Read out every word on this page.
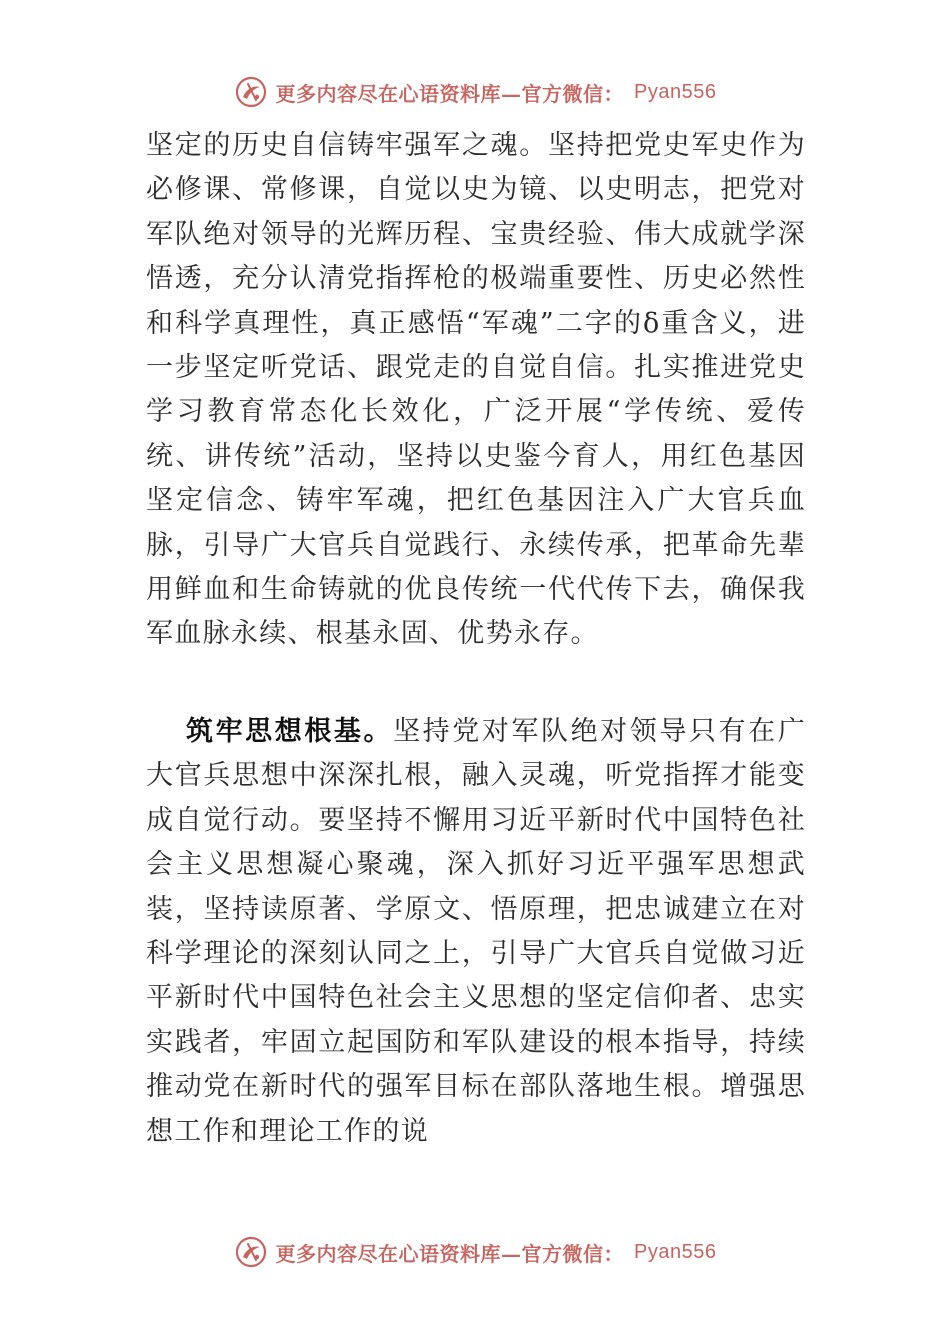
更多内容尽在心语资料库—官方微信： Pyan556

坚定的历史自信铸牢强军之魂。坚持把党史军史作为必修课、常修课，自觉以史为镜、以史明志，把党对军队绝对领导的光辉历程、宝贵经验、伟大成就学深悟透，充分认清党指挥枪的极端重要性、历史必然性和科学真理性，真正感悟“军魂”二字的δ重含义，进一步坚定听党话、跟党走的自觉自信。扎实推进党史学习教育常态化长效化，广泛开展“学传统、爱传统、讲传统”活动，坚持以史鉴今育人，用红色基因坚定信念、铸牢军魂，把红色基因注入广大官兵血脉，引导广大官兵自觉践行、永续传承，把革命先辈用鲜血和生命铸就的优良传统一代代传下去，确保我军血脉永续、根基永固、优势永存。

筑牢思想根基。坚持党对军队绝对领导只有在广大官兵思想中深深扎根，融入灵魂，听党指挥才能变成自觉行动。要坚持不懈用习近平新时代中国特色社会主义思想凝心聚魂，深入抓好习近平强军思想武装，坚持读原著、学原文、悟原理，把忠诚建立在对科学理论的深刻认同之上，引导广大官兵自觉做习近平新时代中国特色社会主义思想的坚定信仰者、忠实实践者，牢固立起国防和军队建设的根本指导，持续推动党在新时代的强军目标在部队落地生根。增强思想工作和理论工作的说

更多内容尽在心语资料库—官方微信： Pyan556
